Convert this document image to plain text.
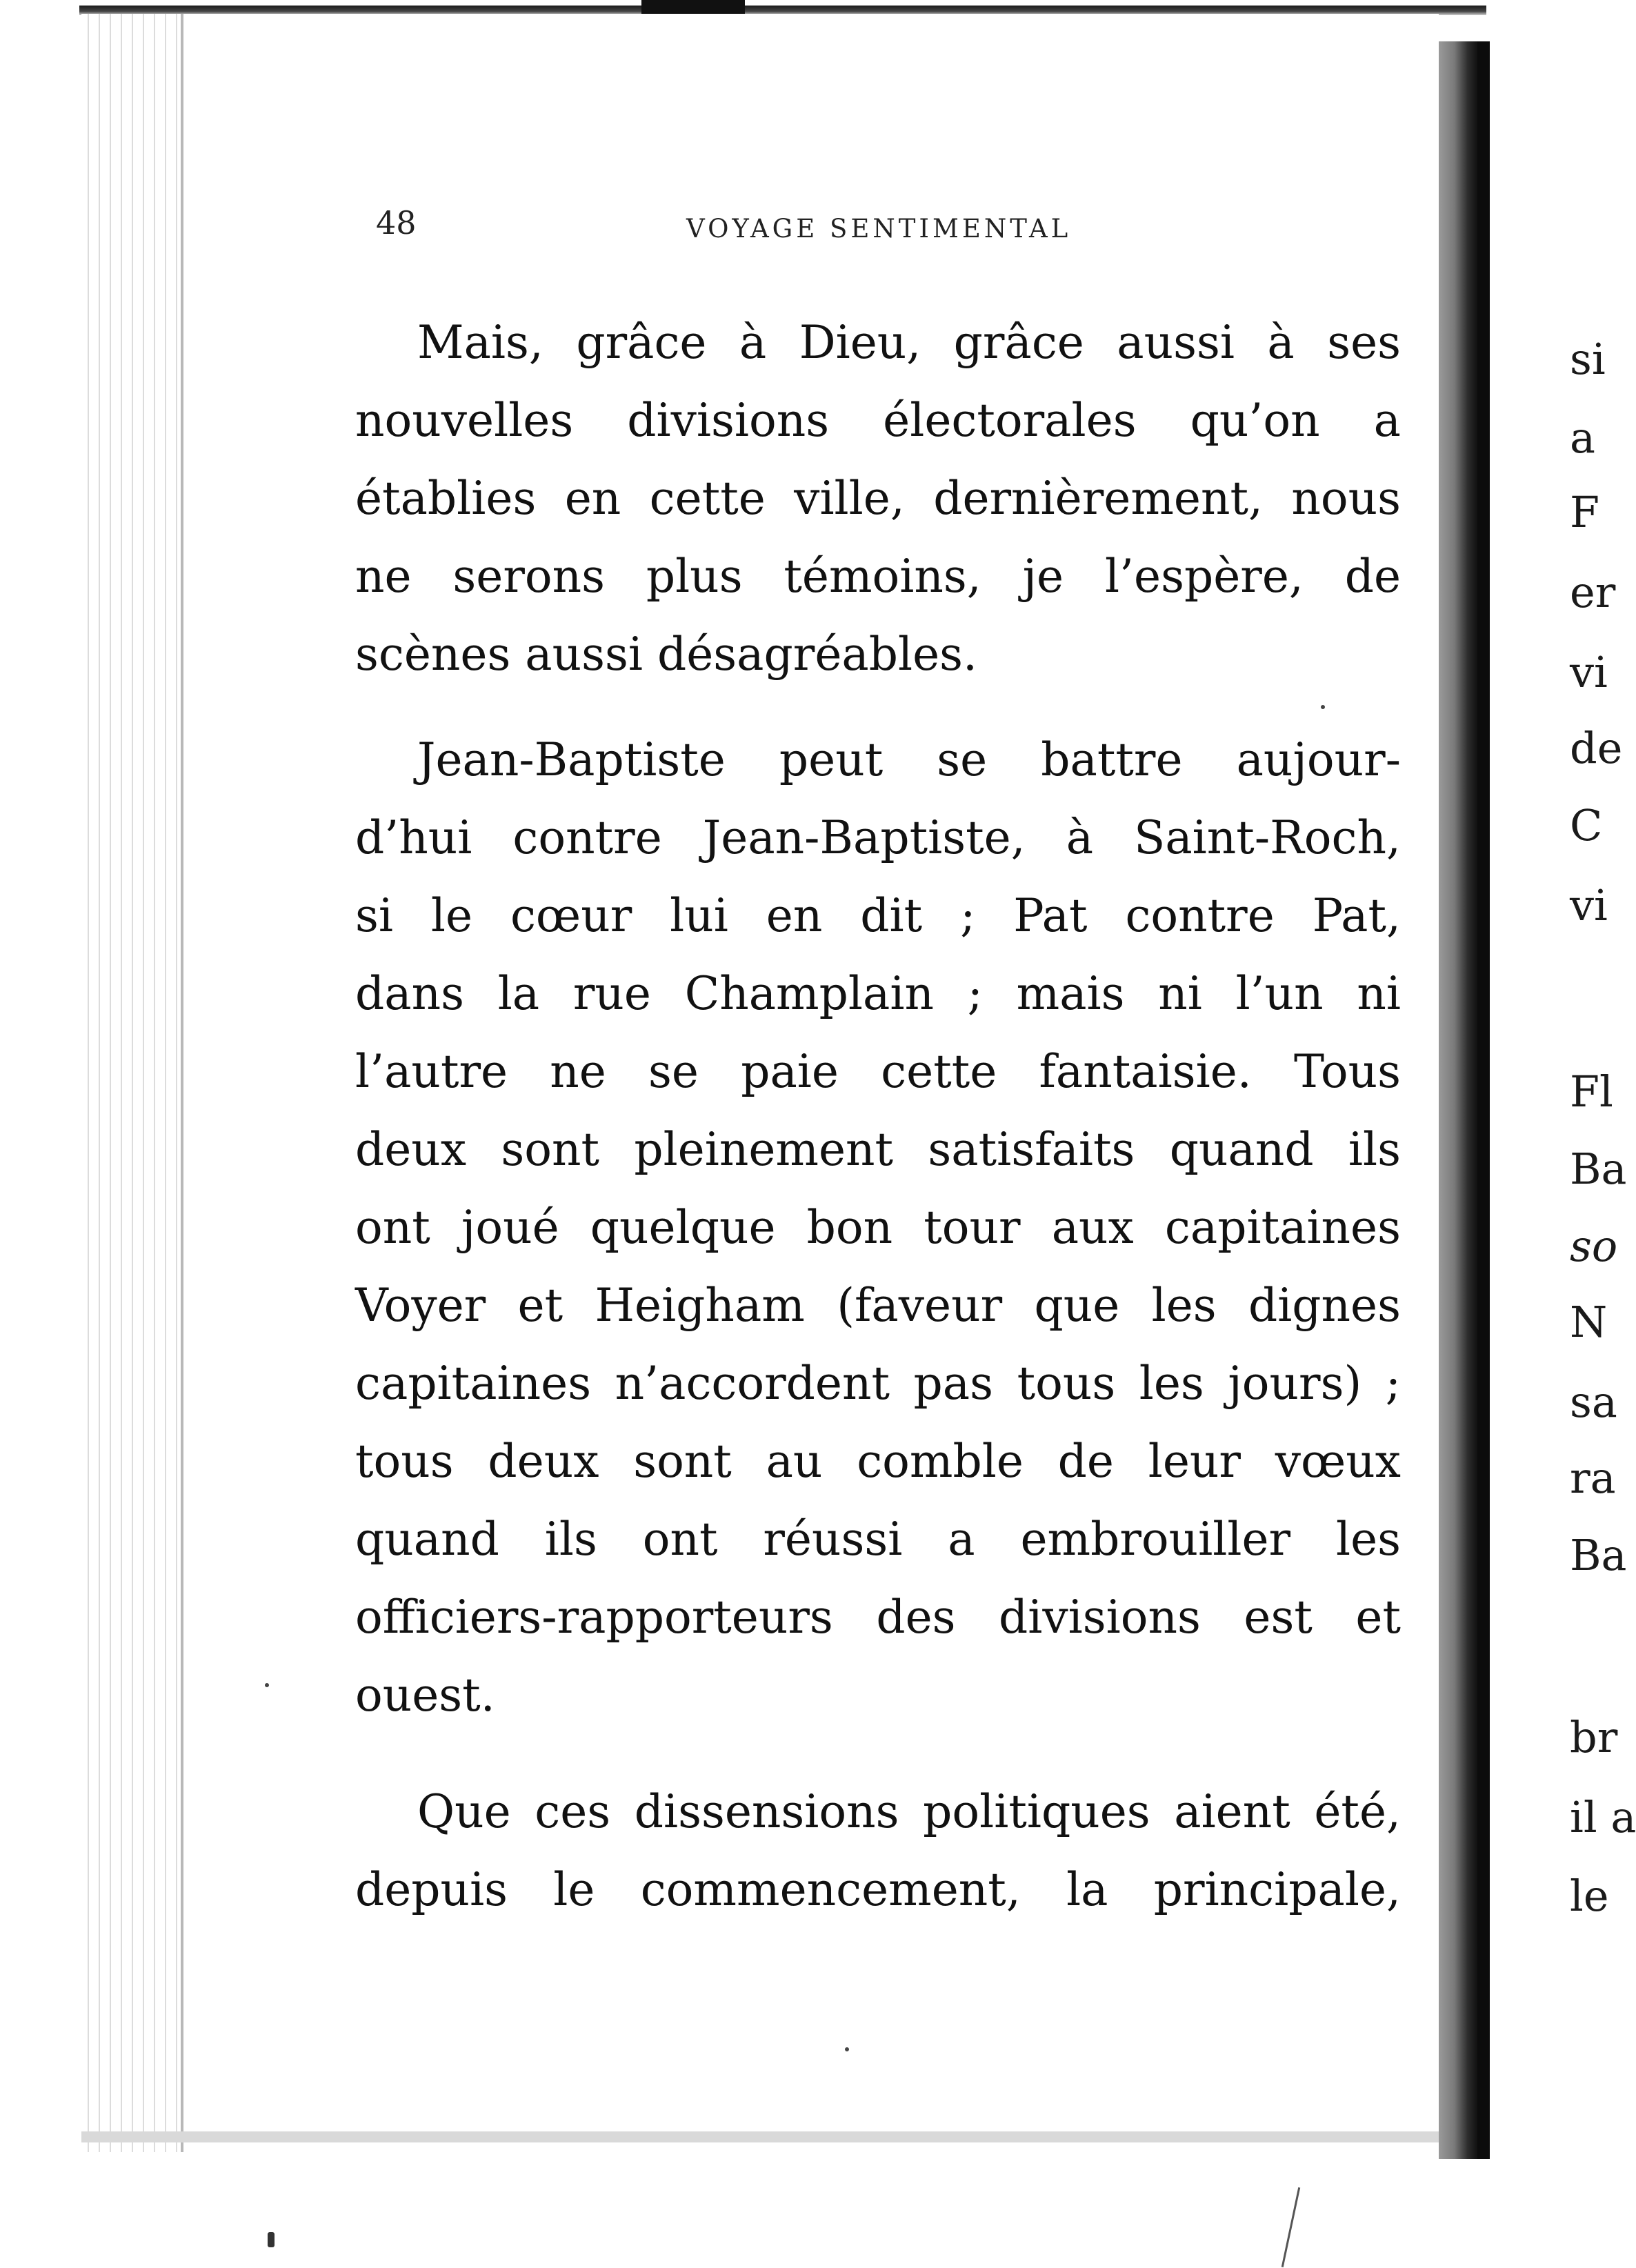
48	VOYAGE SENTIMENTAL

Mais, grâce à Dieu, grâce aussi à ses

nouvelles divisions électorales qu’on a

établies en cette ville, dernièrement, nous

ne serons plus témoins, je l’espère, de

scènes aussi désagréables.

Jean-Baptiste peut se battre aujour-

d’hui contre Jean-Baptiste, à Saint-Roch,

si le cœur lui en dit ; Pat contre Pat,

dans la rue Champlain ; mais ni l’un ni

l’autre ne se paie cette fantaisie. Tous

deux sont pleinement satisfaits quand ils

ont joué quelque bon tour aux capitaines

Voyer et Heigham (faveur que les dignes

capitaines n’accordent pas tous les jours) ;

tous deux sont au comble de leur vœux

quand ils ont réussi a embrouiller les

officiers-rapporteurs des divisions est et

ouest.

Que ces dissensions politiques aient été,

depuis le commencement, la principale,

si

a

F

er

vi

de

C

vi

Fl

Ba

so

N

sa

ra

Ba

br

il a

le
